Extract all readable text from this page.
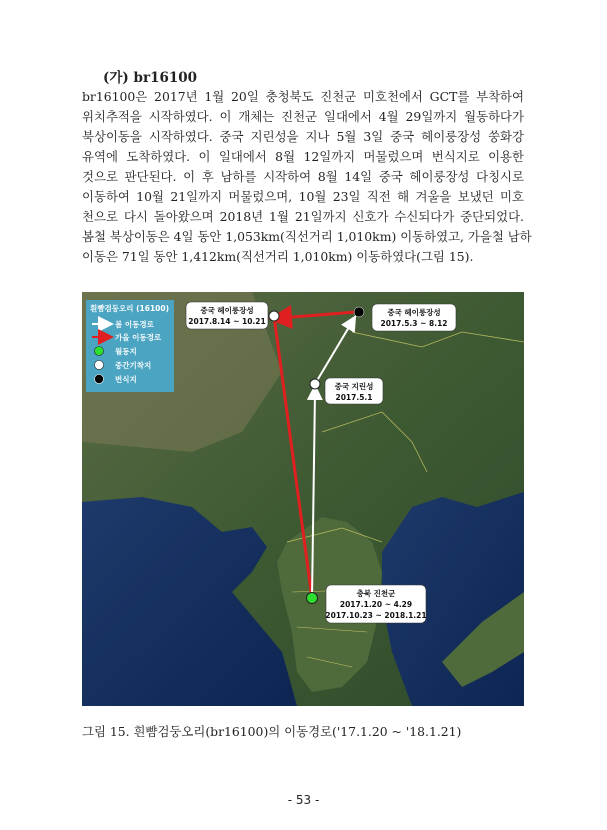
(가) br16100
br16100은 2017년 1월 20일 충청북도 진천군 미호천에서 GCT를 부착하여
위치추적을 시작하였다. 이 개체는 진천군 일대에서 4월 29일까지 월동하다가
북상이동을 시작하였다. 중국 지린성을 지나 5월 3일 중국 헤이룽장성 쑹화강
유역에 도착하였다. 이 일대에서 8월 12일까지 머물렀으며 번식지로 이용한
것으로 판단된다. 이 후 남하를 시작하여 8월 14일 중국 헤이룽장성 다칭시로
이동하여 10월 21일까지 머물렀으며, 10월 23일 직전 해 겨울을 보냈던 미호
천으로 다시 돌아왔으며 2018년 1월 21일까지 신호가 수신되다가 중단되었다.
봄철 북상이동은 4일 동안 1,053km(직선거리 1,010km) 이동하였고, 가을철 남하
이동은 71일 동안 1,412km(직선거리 1,010km) 이동하였다(그림 15).
중국 헤이룽장성
2017.8.14 ~ 10.21
중국 헤이룽장성
2017.5.3 ~ 8.12
중국 지린성
2017.5.1
충북 진천군
2017.1.20 ~ 4.29
2017.10.23 ~ 2018.1.21
흰뺨검둥오리 (16100)
봄 이동경로
가을 이동경로
월동지
중간기착지
번식지
그림 15. 흰뺨검둥오리(br16100)의 이동경로('17.1.20 ~ '18.1.21)
- 53 -
